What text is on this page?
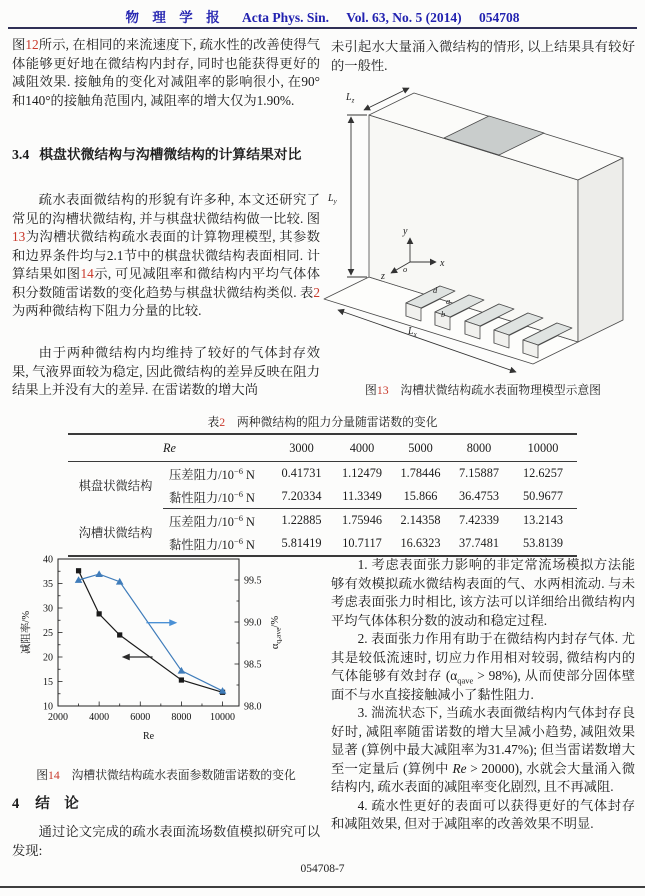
物 理 学 报 Acta Phys. Sin. Vol. 63, No. 5 (2014) 054708

图12所示, 在相同的来流速度下, 疏水性的改善使得气体能够更好地在微结构内封存, 同时也能获得更好的减阻效果. 接触角的变化对减阻率的影响很小, 在90°和140°的接触角范围内, 减阻率的增大仅为1.90%.

3.4 棋盘状微结构与沟槽微结构的计算结果对比

疏水表面微结构的形貌有许多种, 本文还研究了常见的沟槽状微结构, 并与棋盘状微结构做一比较. 图13为沟槽状微结构疏水表面的计算物理模型, 其参数和边界条件均与2.1节中的棋盘状微结构表面相同. 计算结果如图14示, 可见减阻率和微结构内平均气体体积分数随雷诺数的变化趋势与棋盘状微结构类似. 表2为两种微结构下阻力分量的比较.

由于两种微结构内均维持了较好的气体封存效果, 气液界面较为稳定, 因此微结构的差异反映在阻力结果上并没有大的差异. 在雷诺数的增大尚

未引起水大量涌入微结构的情形, 以上结果具有较好的一般性.

$L_y$
$L_z$
$L_x$
y
x
z
o
d
a
b
图13 沟槽状微结构疏水表面物理模型示意图
表2 两种微结构的阻力分量随雷诺数的变化
Re		3000	4000	5000	8000	10000
棋盘状微结构	压差阻力$/10^{-6}$ N	0.41731	1.12479	1.78446	7.15887	12.6257
	黏性阻力$/10^{-6}$ N	7.20334	11.3349	15.866	36.4753	50.9677
沟槽状微结构	压差阻力$/10^{-6}$ N	1.22885	1.75946	2.14358	7.42339	13.2143
	黏性阻力$/10^{-6}$ N	5.81419	10.7117	16.6323	37.7481	53.8139
2000 4000 6000 8000 10000
10
15
20
25
30
35
40
98.0
98.5
99.0
99.5
减阻率/%	$\alpha_{q,ave}/\%$
Re
图14 沟槽状微结构疏水表面参数随雷诺数的变化
4 结　论

通过论文完成的疏水表面流场数值模拟研究可以发现:

1. 考虑表面张力影响的非定常流场模拟方法能够有效模拟疏水微结构表面的气、水两相流动. 与未考虑表面张力时相比, 该方法可以详细给出微结构内平均气体体积分数的波动和稳定过程.

2. 表面张力作用有助于在微结构内封存气体. 尤其是较低流速时, 切应力作用相对较弱, 微结构内的气体能够有效封存 $(\alpha_{qave} > 98\%)$, 从而使部分固体壁面不与水直接接触减小了黏性阻力.

3. 湍流状态下, 当疏水表面微结构内气体封存良好时, 减阻率随雷诺数的增大呈减小趋势, 减阻效果显著 (算例中最大减阻率为31.47%); 但当雷诺数增大至一定量后 (算例中 Re > 20000), 水就会大量涌入微结构内, 疏水表面的减阻率变化剧烈, 且不再减阻.

4. 疏水性更好的表面可以获得更好的气体封存和减阻效果, 但对于减阻率的改善效果不明显.

054708-7
